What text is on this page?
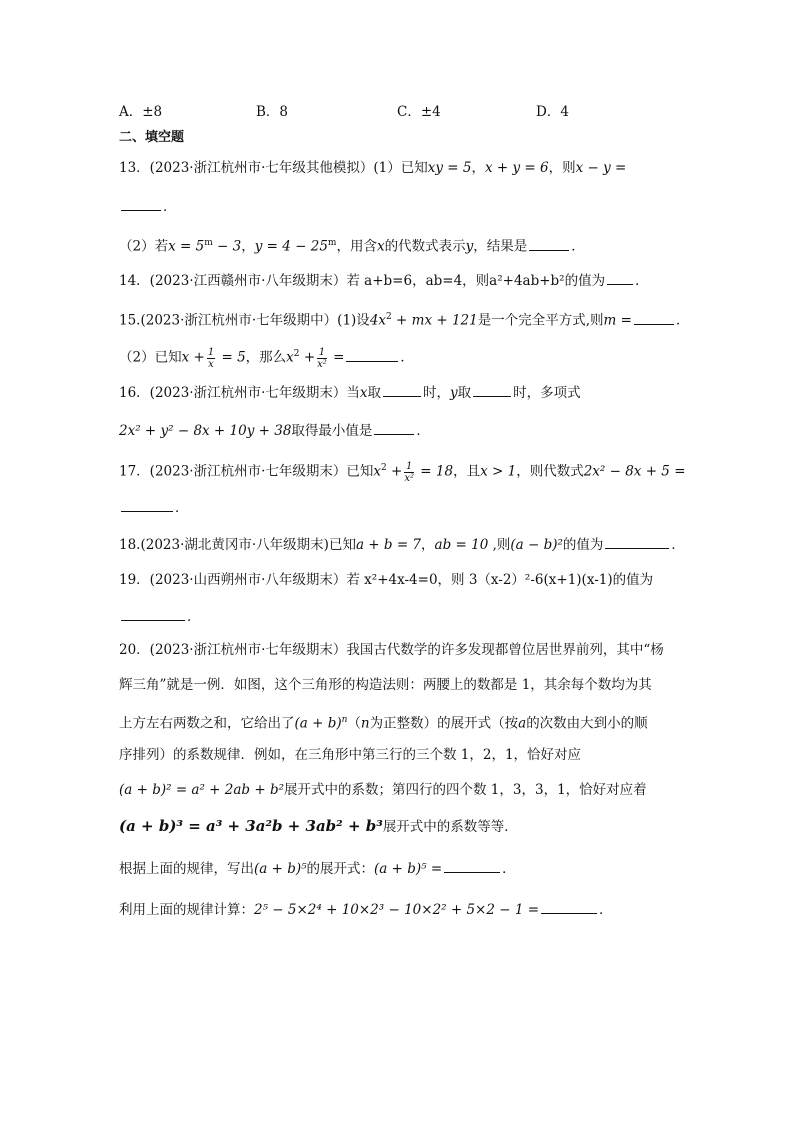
A．±8	B．8	C．±4	D．4
二、填空题
13．(2023·浙江杭州市·七年级其他模拟）(1）已知xy = 5，x + y = 6，则x − y =
．
（2）若$x = 5^m - 3$，$y = 4 - 25^m$，用含x的代数式表示y，结果是	．
14．(2023·江西赣州市·八年级期末）若 a+b=6，ab=4，则a²+4ab+b²的值为 ．
15.(2023·浙江杭州市·七年级期中）(1)设$4x^2$ + mx + 121是一个完全平方式,则m =	．
（2）已知$x + \frac{1}{x} = 5$，那么$x^2 + \frac{1}{\text{x²}}$ =	．
16．(2023·浙江杭州市·七年级期末）当x取	时，y取	时，多项式
2x² + y² − 8x + 10y + 38取得最小值是	．
17．(2023·浙江杭州市·七年级期末）已知$x^2 + \frac{1}{\text{x²}} = 18$，且x > 1，则代数式2x² − 8x + 5 =
．
18.(2023·湖北黄冈市·八年级期末)已知a + b = 7，ab = 10 ,则(a − b)²的值为	．
19．(2023·山西朔州市·八年级期末）若 x²+4x-4=0，则 3（x-2）²-6(x+1)(x-1)的值为
．
20．(2023·浙江杭州市·七年级期末）我国古代数学的许多发现都曾位居世界前列，其中“杨
辉三角”就是一例．如图，这个三角形的构造法则：两腰上的数都是 1，其余每个数均为其
上方左右两数之和，它给出了$(a + b)^n(n$为正整数）的展开式（按a的次数由大到小的顺
序排列）的系数规律．例如，在三角形中第三行的三个数 1，2，1，恰好对应
(a + b)² = a² + 2ab + b²展开式中的系数；第四行的四个数 1，3，3，1，恰好对应着
(a + b)³ = a³ + 3a²b + 3ab² + b³展开式中的系数等等．
根据上面的规律，写出(a + b)⁵的展开式：(a + b)⁵ =	．
利用上面的规律计算：2⁵ − 5×2⁴ + 10×2³ − 10×2² + 5×2 − 1 =	．
